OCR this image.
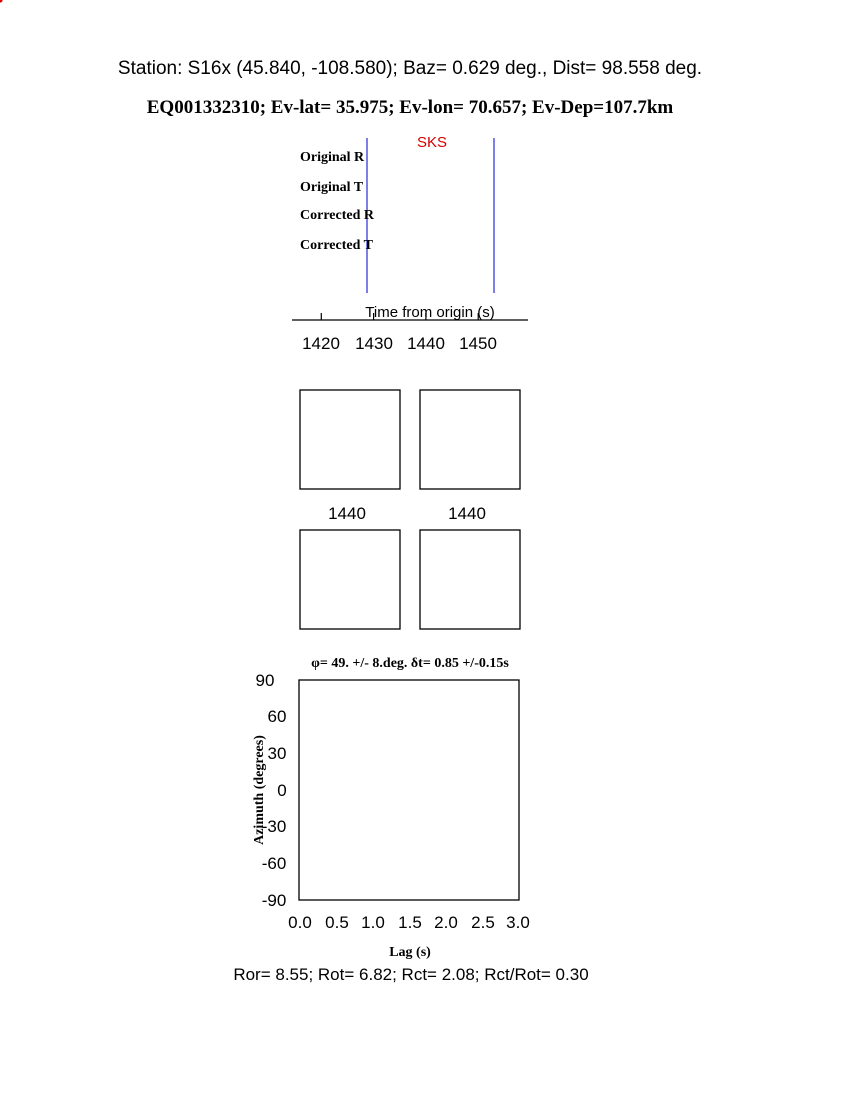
Station: S16x (45.840, -108.580); Baz= 0.629 deg., Dist= 98.558 deg.
EQ001332310; Ev-lat= 35.975; Ev-lon= 70.657; Ev-Dep=107.7km
SKS
Original R
Original T
Corrected R
Corrected T
Time from origin (s)
1420 1430 1440 1450
1440	1440
φ= 49. +/- 8.deg. δt= 0.85 +/-0.15s
90
60
30
0
-30
-60
-90
0.0 0.5 1.0 1.5 2.0 2.5 3.0
Lag (s)
Azimuth (degrees)
Ror= 8.55; Rot= 6.82; Rct= 2.08; Rct/Rot= 0.30
